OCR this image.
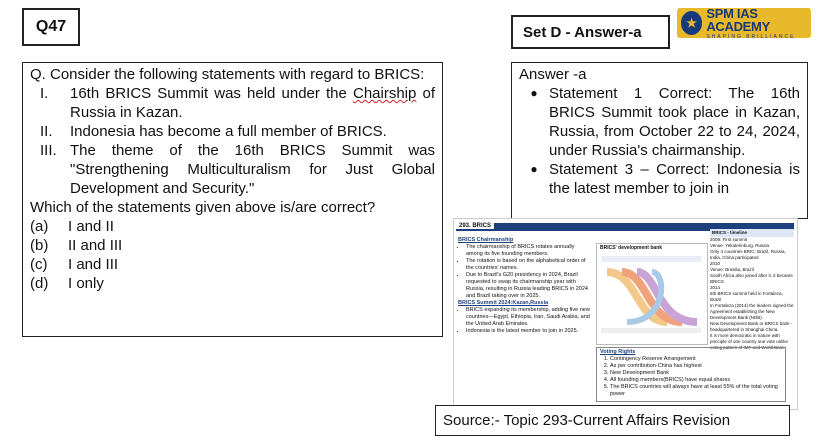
Q47	Set D - Answer-a
★
SPM IAS ACADEMY
SHAPING BRILLIANCE

Q. Consider the following statements with regard to BRICS:

I.	16th BRICS Summit was held under the Chairship of Russia in Kazan.
II.	Indonesia has become a full member of BRICS.
III. The theme of the 16th BRICS Summit was "Strengthening Multiculturalism for Just Global Development and Security."

Which of the statements given above is/are correct?

(a)	I and II
(b)	II and III
(c)	I and III
(d)	I only
Answer -a
● Statement 1 Correct: The 16th BRICS Summit took place in Kazan, Russia, from October 22 to 24, 2024, under Russia's chairmanship.
● Statement 3 – Correct: Indonesia is the latest member to join in
293. BRICS
BRICS Chairmanship
• The chairmanship of BRICS rotates annually among its five founding members.
• The rotation is based on the alphabetical order of the countries' names.
• Due to Brazil's G20 presidency in 2024, Brazil requested to swap its chairmanship year with Russia, resulting in Russia leading BRICS in 2024 and Brazil taking over in 2025.
BRICS Summit 2024:Kazan,Russia
• BRICS expanding its membership, adding five new countries—Egypt, Ethiopia, Iran, Saudi Arabia, and the United Arab Emirates.
• Indonesia is the latest member to join in 2025.
BRICS' development bank
BRICS - timeline
2009: First summit
Venue: Yekaterinburg, Russia
Only 4 countries BRIC: Brazil, Russia, India, China participated
2010
Venue: Brasilia, Brazil
South Africa also joined after it, it became BRICS
2014
6th BRICS summit held in Fortaleza, Brazil
In Fortaleza (2014) the leaders signed the Agreement establishing the New Development Bank (NDB).
New Development Bank or BRICS bank - headquartered in Shanghai China.
It is more democratic in nature with principle of one country one vote unlike voting pattern of IMF and World Bank
Voting Rights
1. Contingency Reserve Arrangement
2. As per contribution-China has highest
3. New Development Bank
4. All founding members(BRICS) have equal shares
5. The BRICS countries will always have at least 55% of the total voting power
Source:- Topic 293-Current Affairs Revision
